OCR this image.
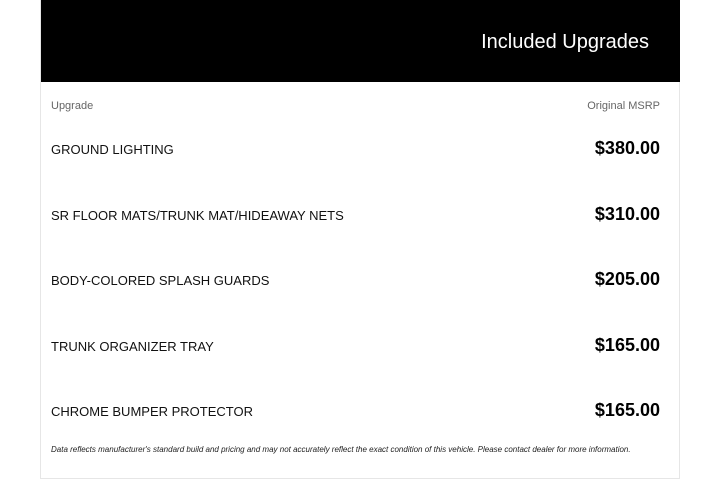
Included Upgrades
Upgrade	Original MSRP
GROUND LIGHTING	$380.00
SR FLOOR MATS/TRUNK MAT/HIDEAWAY NETS	$310.00
BODY-COLORED SPLASH GUARDS	$205.00
TRUNK ORGANIZER TRAY	$165.00
CHROME BUMPER PROTECTOR	$165.00
Data reflects manufacturer's standard build and pricing and may not accurately reflect the exact condition of this vehicle. Please contact dealer for more information.
